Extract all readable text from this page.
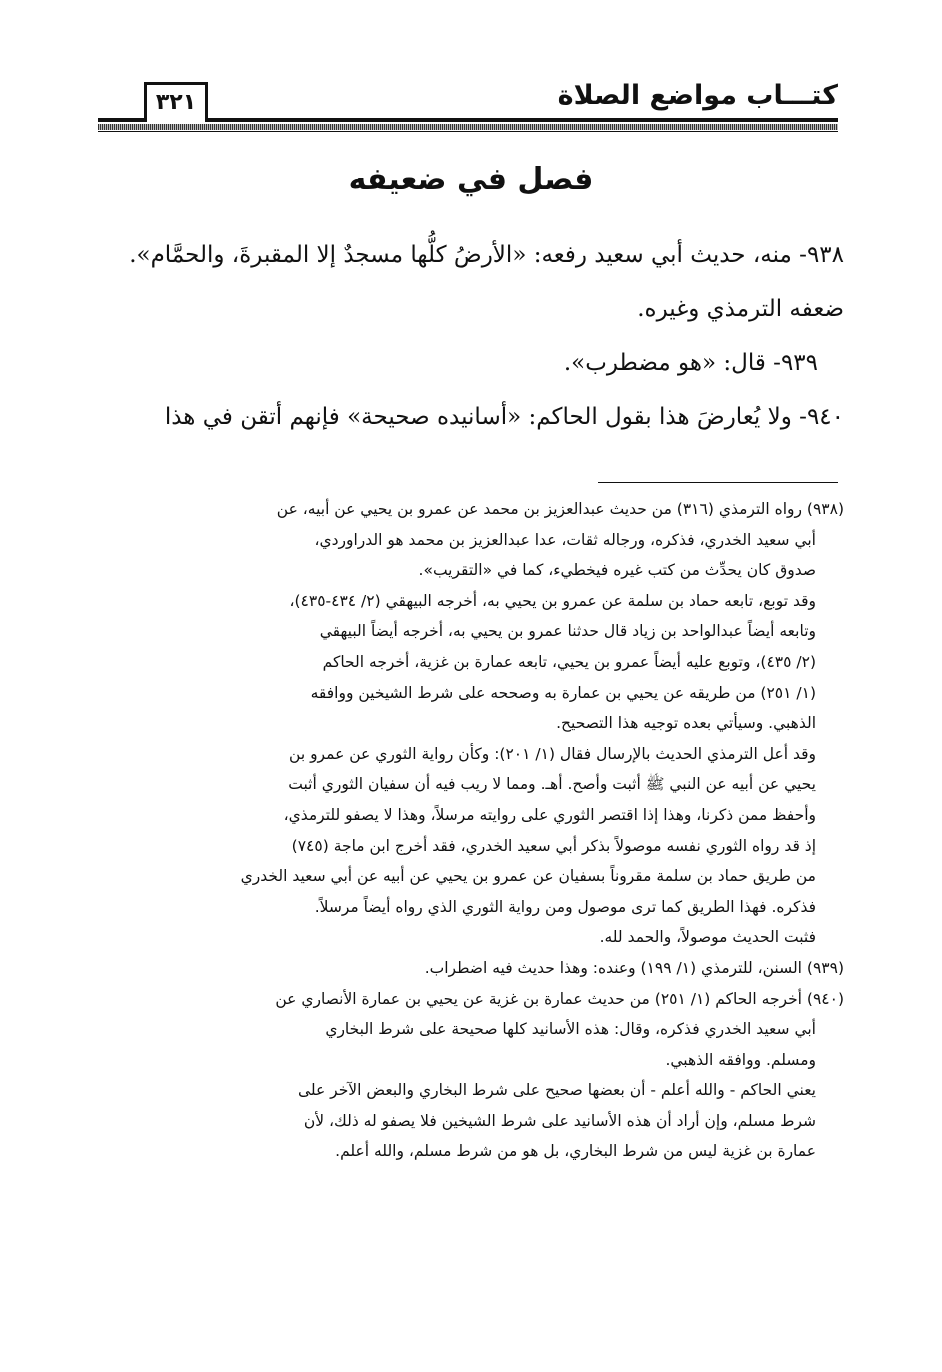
كتـــاب مواضع الصلاة
٣٢١
فصل في ضعيفه
٩٣٨- منه، حديث أبي سعيد رفعه: «الأرضُ كلُّها مسجدٌ إلا المقبرةَ، والحمَّام».
ضعفه الترمذي وغيره.
٩٣٩- قال: «هو مضطرب».
٩٤٠- ولا يُعارضَ هذا بقول الحاكم: «أسانيده صحيحة» فإنهم أتقن في هذا
(٩٣٨) رواه الترمذي (٣١٦) من حديث عبدالعزيز بن محمد عن عمرو بن يحيي عن أبيه، عن
أبي سعيد الخدري، فذكره، ورجاله ثقات، عدا عبدالعزيز بن محمد هو الدراوردي،
صدوق كان يحدِّث من كتب غيره فيخطيء، كما في «التقريب».
وقد توبع، تابعه حماد بن سلمة عن عمرو بن يحيي به، أخرجه البيهقي (٢/ ٤٣٤-٤٣٥)،
وتابعه أيضاً عبدالواحد بن زياد قال حدثنا عمرو بن يحيي به، أخرجه أيضاً البيهقي
(٢/ ٤٣٥)، وتوبع عليه أيضاً عمرو بن يحيي، تابعه عمارة بن غزية، أخرجه الحاكم
(١/ ٢٥١) من طريقه عن يحيي بن عمارة به وصححه على شرط الشيخين ووافقه
الذهبي. وسيأتي بعده توجيه هذا التصحيح.
وقد أعل الترمذي الحديث بالإرسال فقال (١/ ٢٠١): وكأن رواية الثوري عن عمرو بن
يحيي عن أبيه عن النبي ﷺ أثبت وأصح. أهـ. ومما لا ريب فيه أن سفيان الثوري أثبت
وأحفظ ممن ذكرنا، وهذا إذا اقتصر الثوري على روايته مرسلاً، وهذا لا يصفو للترمذي،
إذ قد رواه الثوري نفسه موصولاً بذكر أبي سعيد الخدري، فقد أخرج ابن ماجة (٧٤٥)
من طريق حماد بن سلمة مقروناً بسفيان عن عمرو بن يحيي عن أبيه عن أبي سعيد الخدري
فذكره. فهذا الطريق كما ترى موصول ومن رواية الثوري الذي رواه أيضاً مرسلاً.
فثبت الحديث موصولاً، والحمد لله.
(٩٣٩) السنن، للترمذي (١/ ١٩٩) وعنده: وهذا حديث فيه اضطراب.
(٩٤٠) أخرجه الحاكم (١/ ٢٥١) من حديث عمارة بن غزية عن يحيي بن عمارة الأنصاري عن
أبي سعيد الخدري فذكره، وقال: هذه الأسانيد كلها صحيحة على شرط البخاري
ومسلم. ووافقه الذهبي.
يعني الحاكم - والله أعلم - أن بعضها صحيح على شرط البخاري والبعض الآخر على
شرط مسلم، وإن أراد أن هذه الأسانيد على شرط الشيخين فلا يصفو له ذلك، لأن
عمارة بن غزية ليس من شرط البخاري، بل هو من شرط مسلم، والله أعلم.
